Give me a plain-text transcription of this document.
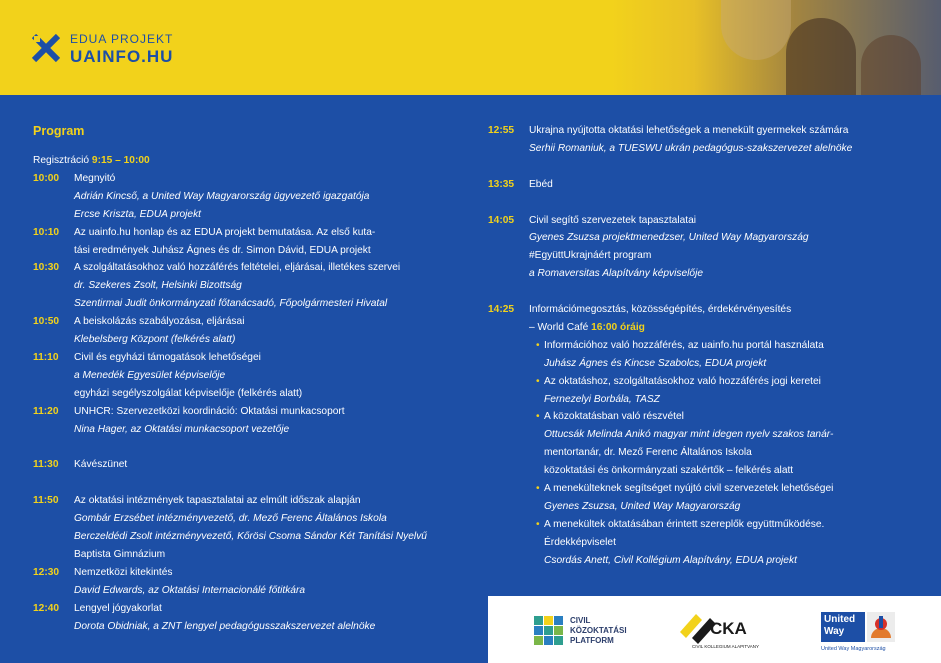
EDUA PROJEKT
UAINFO.HU
Program
Regisztráció 9:15 – 10:00
10:00	Megnyitó
Adrián Kincső, a United Way Magyarország ügyvezető igazgatója
Ercse Kriszta, EDUA projekt
10:10	Az uainfo.hu honlap és az EDUA projekt bemutatása. Az első kuta-
tási eredmények Juhász Ágnes és dr. Simon Dávid, EDUA projekt
10:30	A szolgáltatásokhoz való hozzáférés feltételei, eljárásai, illetékes szervei
dr. Szekeres Zsolt, Helsinki Bizottság
Szentirmai Judit önkormányzati főtanácsadó, Főpolgármesteri Hivatal
10:50	A beiskolázás szabályozása, eljárásai
Klebelsberg Központ (felkérés alatt)
11:10	Civil és egyházi támogatások lehetőségei
a Menedék Egyesület képviselője
egyházi segélyszolgálat képviselője (felkérés alatt)
11:20	UNHCR: Szervezetközi koordináció: Oktatási munkacsoport
Nina Hager, az Oktatási munkacsoport vezetője
11:30	Kávészünet
11:50	Az oktatási intézmények tapasztalatai az elmúlt időszak alapján
Gombár Erzsébet intézményvezető, dr. Mező Ferenc Általános Iskola
Berczeldédi Zsolt intézményvezető, Kőrösi Csoma Sándor Két Tanítási Nyelvű
Baptista Gimnázium
12:30	Nemzetközi kitekintés
David Edwards, az Oktatási Internacionálé főtitkára
12:40	Lengyel jógyakorlat
Dorota Obidniak, a ZNT lengyel pedagógusszakszervezet alelnöke
12:55	Ukrajna nyújtotta oktatási lehetőségek a menekült gyermekek számára
Serhii Romaniuk, a TUESWU ukrán pedagógus-szakszervezet alelnöke
13:35	Ebéd
14:05	Civil segítő szervezetek tapasztalatai
Gyenes Zsuzsa projektmenedzser, United Way Magyarország
#EgyüttUkrajnáért program
a Romaversitas Alapítvány képviselője
14:25	Információmegosztás, közösségépítés, érdekérvényesítés
– World Café 16:00 óráig
• Információhoz való hozzáférés, az uainfo.hu portál használata
Juhász Ágnes és Kincse Szabolcs, EDUA projekt
• Az oktatáshoz, szolgáltatásokhoz való hozzáférés jogi keretei
Fernezelyi Borbála, TASZ
• A közoktatásban való részvétel
Ottucsák Melinda Anikó magyar mint idegen nyelv szakos tanár-
mentortanár, dr. Mező Ferenc Általános Iskola
közoktatási és önkormányzati szakértők – felkérés alatt
• A menekülteknek segítséget nyújtó civil szervezetek lehetőségei
Gyenes Zsuzsa, United Way Magyarország
• A menekültek oktatásában érintett szereplők együttműködése.
Érdekképviselet
Csordás Anett, Civil Kollégium Alapítvány, EDUA projekt
CIVIL
KÖZOKTATÁSI
PLATFORM
CKA
CIVIL KOLLEGIUM ALAPITVANY
United
Way
United Way Magyarország
